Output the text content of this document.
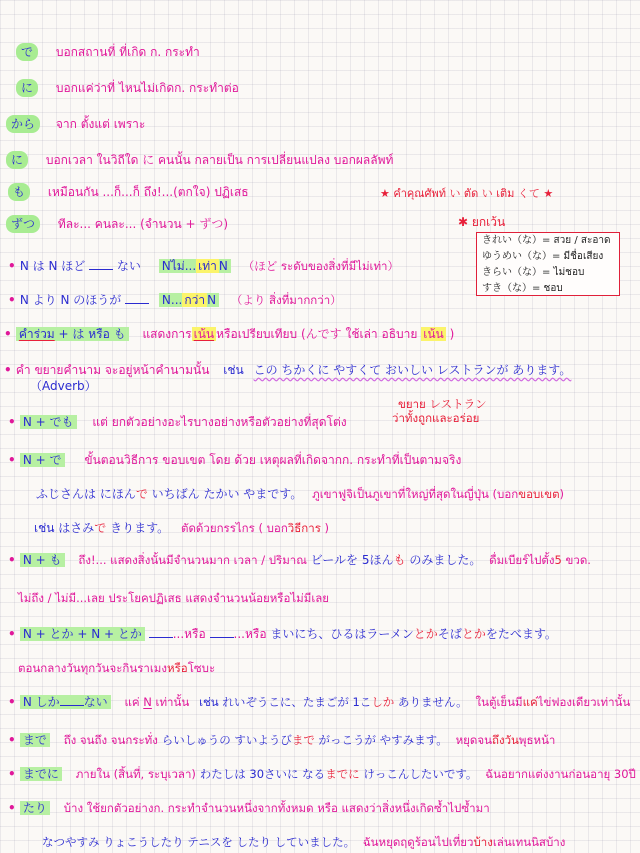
で บอกสถานที่ ที่เกิด ก. กระทำ
に บอกแค่ว่าที่ ไหนไม่เกิดก. กระทำต่อ
から จาก ตั้งแต่ เพราะ
に บอกเวลา ในวิถีใด に คนนั้น กลายเป็น การเปลี่ยนแปลง บอกผลลัพท์
も เหมือนกัน ...ก็...ก็ ถึง!...(ตกใจ) ปฏิเสธ	★ คำคุณศัพท์ い ตัด い เติม くて ★
ずつ ทีละ... คนละ... (จำนวน + ずつ)	✱ ยกเว้น
きれい（な）= สวย / สะอาด
ゆうめい（な）= มีชื่อเสียง
きらい（な）= ไม่ชอบ
すき（な）= ชอบ
• N は N ほど	ない Nไม่... เท่า N （ほど ระดับของสิ่งที่มีไม่เท่า）
• N より N のほうが	N... กว่า N （より สิ่งที่มากกว่า）
• คำร่วม + は หรือ も แสดงการ เน้น หรือเปรียบเทียบ (んです ใช้เล่า อธิบาย เน้น )
• คำ ขยายคำนาม จะอยู่หน้าคำนามนั้น เช่น この ちかくに やすくて おいしい レストランが あります。
（Adverb）
ขยาย レストラン
ว่าทั้งถูกและอร่อย
• N + でも แต่ ยกตัวอย่างอะไรบางอย่างหรือตัวอย่างที่สุดโต่ง
• N + で ขั้นตอนวิธีการ ขอบเขต โดย ด้วย เหตุผลที่เกิดจากก. กระทำที่เป็นตามจริง
ふじさんは にほんで いちばん たかい やまです。 ภูเขาฟูจิเป็นภูเขาที่ใหญ่ที่สุดในญี่ปุ่น (บอกขอบเขต)
เช่น はさみで きります。 ตัดด้วยกรรไกร ( บอกวิธีการ )
• N + も ถึง!... แสดงสิ่งนั้นมีจำนวนมาก เวลา / ปริมาณ ビールを 5ほんも のみました。 ดื่มเบียร์ไปตั้ง5 ขวด.
ไม่ถึง / ไม่มี...เลย ประโยคปฏิเสธ แสดงจำนวนน้อยหรือไม่มีเลย
• N + とか + N + とか	...หรือ ...หรือ まいにち、ひるはラーメンとかそばとかをたべます。
ตอนกลางวันทุกวันจะกินราเมงหรือโซบะ
• N しか ない แค่ N เท่านั้น เช่น れいぞうこに、たまごが 1こしか ありません。 ในตู้เย็นมีแค่ไข่ฟองเดียวเท่านั้น
• まで ถึง จนถึง จนกระทั่ง らいしゅうの すいようびまで がっこうが やすみます。 หยุดจนถึงวันพุธหน้า
• までに ภายใน (สิ้นที่, ระบุเวลา) わたしは 30さいに なるまでに けっこんしたいです。 ฉันอยากแต่งงานก่อนอายุ 30ปี
• たり บ้าง ใช้ยกตัวอย่างก. กระทำจำนวนหนึ่งจากทั้งหมด หรือ แสดงว่าสิ่งหนึ่งเกิดซ้ำไปซ้ำมา
なつやすみ りょこうしたり テニスを したり していました。 ฉันหยุดฤดูร้อนไปเที่ยวบ้างเล่นเทนนิสบ้าง
